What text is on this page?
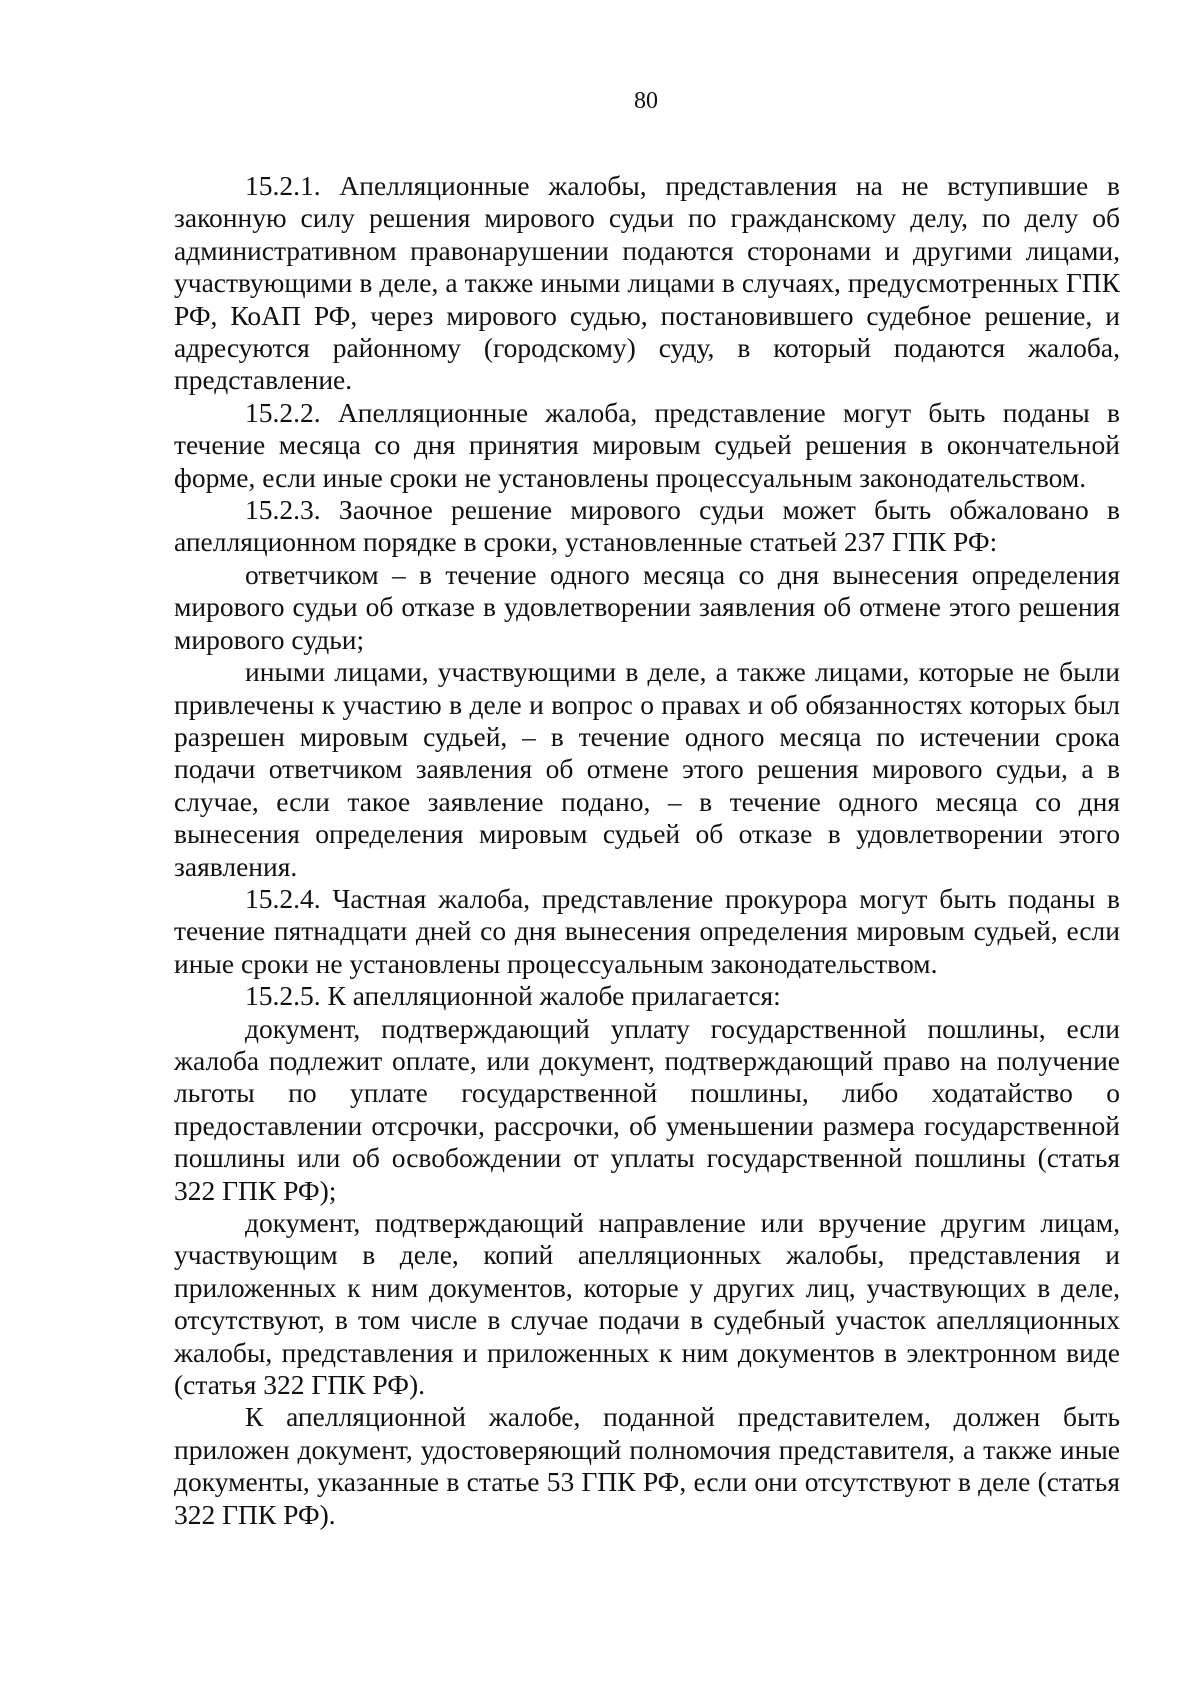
80

15.2.1. Апелляционные жалобы, представления на не вступившие в законную силу решения мирового судьи по гражданскому делу, по делу об административном правонарушении подаются сторонами и другими лицами, участвующими в деле, а также иными лицами в случаях, предусмотренных ГПК РФ, КоАП РФ, через мирового судью, постановившего судебное решение, и адресуются районному (городскому) суду, в который подаются жалоба, представление.

15.2.2. Апелляционные жалоба, представление могут быть поданы в течение месяца со дня принятия мировым судьей решения в окончательной форме, если иные сроки не установлены процессуальным законодательством.

15.2.3. Заочное решение мирового судьи может быть обжаловано в апелляционном порядке в сроки, установленные статьей 237 ГПК РФ:

ответчиком – в течение одного месяца со дня вынесения определения мирового судьи об отказе в удовлетворении заявления об отмене этого решения мирового судьи;

иными лицами, участвующими в деле, а также лицами, которые не были привлечены к участию в деле и вопрос о правах и об обязанностях которых был разрешен мировым судьей, – в течение одного месяца по истечении срока подачи ответчиком заявления об отмене этого решения мирового судьи, а в случае, если такое заявление подано, – в течение одного месяца со дня вынесения определения мировым судьей об отказе в удовлетворении этого заявления.

15.2.4. Частная жалоба, представление прокурора могут быть поданы в течение пятнадцати дней со дня вынесения определения мировым судьей, если иные сроки не установлены процессуальным законодательством.

15.2.5. К апелляционной жалобе прилагается:

документ, подтверждающий уплату государственной пошлины, если жалоба подлежит оплате, или документ, подтверждающий право на получение льготы по уплате государственной пошлины, либо ходатайство о предоставлении отсрочки, рассрочки, об уменьшении размера государственной пошлины или об освобождении от уплаты государственной пошлины (статья 322 ГПК РФ);

документ, подтверждающий направление или вручение другим лицам, участвующим в деле, копий апелляционных жалобы, представления и приложенных к ним документов, которые у других лиц, участвующих в деле, отсутствуют, в том числе в случае подачи в судебный участок апелляционных жалобы, представления и приложенных к ним документов в электронном виде (статья 322 ГПК РФ).

К апелляционной жалобе, поданной представителем, должен быть приложен документ, удостоверяющий полномочия представителя, а также иные документы, указанные в статье 53 ГПК РФ, если они отсутствуют в деле (статья 322 ГПК РФ).
